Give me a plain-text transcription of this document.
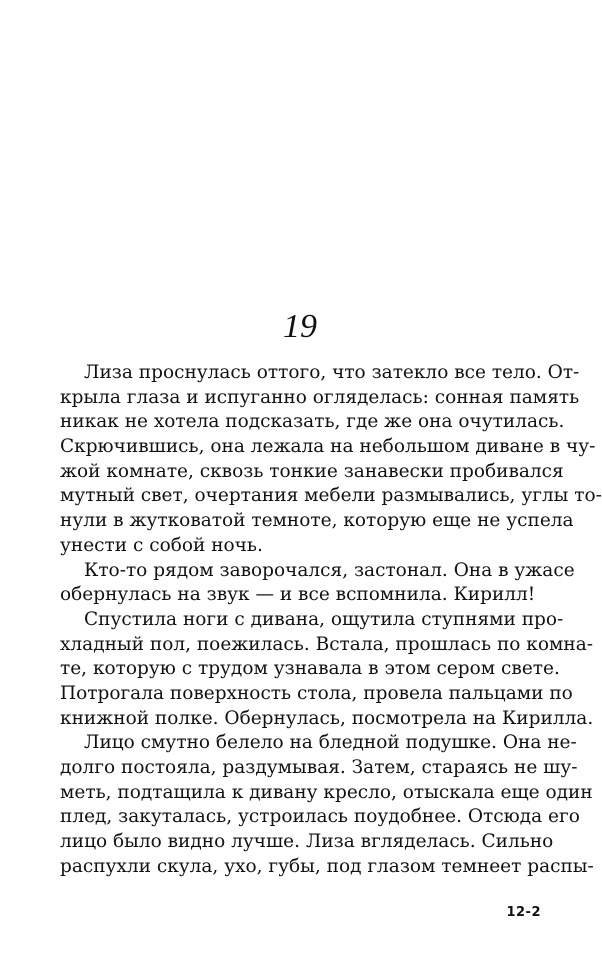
19
Лиза проснулась оттого, что затекло все тело. От-
крыла глаза и испуганно огляделась: сонная память
никак не хотела подсказать, где же она очутилась.
Скрючившись, она лежала на небольшом диване в чу-
жой комнате, сквозь тонкие занавески пробивался
мутный свет, очертания мебели размывались, углы то-
нули в жутковатой темноте, которую еще не успела
унести с собой ночь.
Кто-то рядом заворочался, застонал. Она в ужасе
обернулась на звук — и все вспомнила. Кирилл!
Спустила ноги с дивана, ощутила ступнями про-
хладный пол, поежилась. Встала, прошлась по комна-
те, которую с трудом узнавала в этом сером свете.
Потрогала поверхность стола, провела пальцами по
книжной полке. Обернулась, посмотрела на Кирилла.
Лицо смутно белело на бледной подушке. Она не-
долго постояла, раздумывая. Затем, стараясь не шу-
меть, подтащила к дивану кресло, отыскала еще один
плед, закуталась, устроилась поудобнее. Отсюда его
лицо было видно лучше. Лиза вгляделась. Сильно
распухли скула, ухо, губы, под глазом темнеет распы-
12-2
